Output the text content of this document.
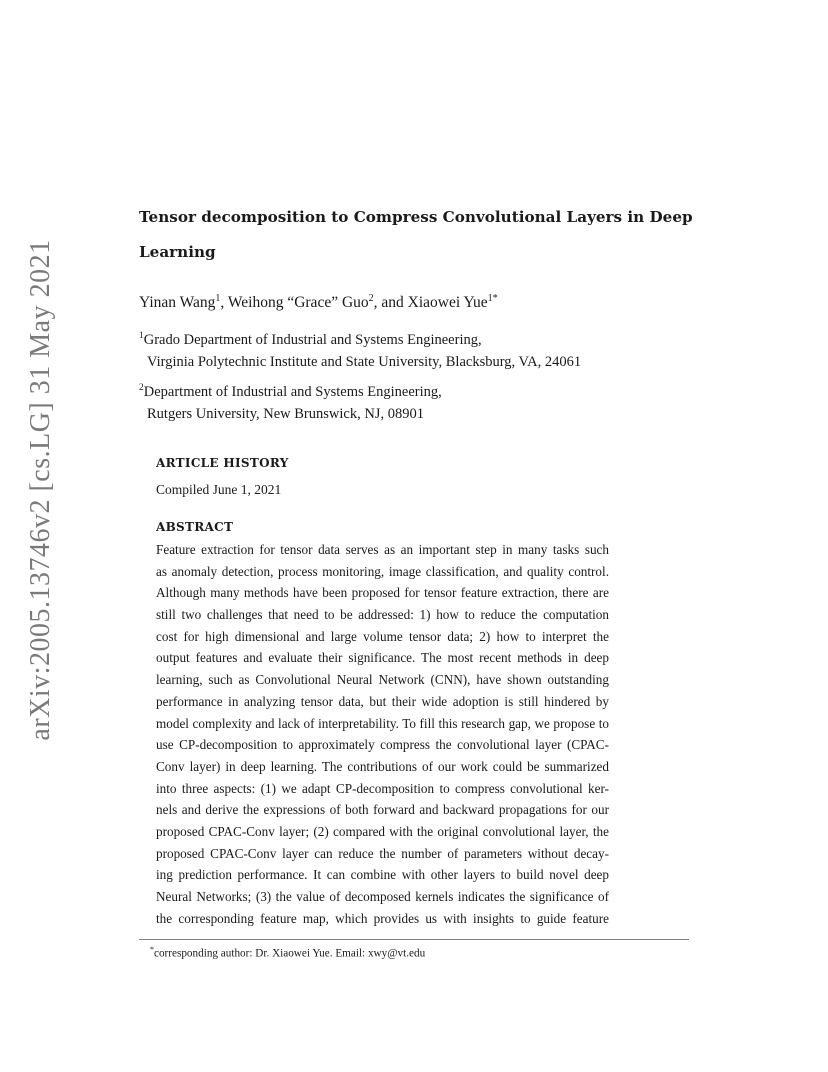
arXiv:2005.13746v2 [cs.LG] 31 May 2021
Tensor decomposition to Compress Convolutional Layers in Deep
Learning
Yinan Wang$^1$, Weihong “Grace” Guo$^2$, and Xiaowei Yue$^{1*}$
$^1$Grado Department of Industrial and Systems Engineering,
Virginia Polytechnic Institute and State University, Blacksburg, VA, 24061
$^2$Department of Industrial and Systems Engineering,
Rutgers University, New Brunswick, NJ, 08901
ARTICLE HISTORY
Compiled June 1, 2021
ABSTRACT

Feature extraction for tensor data serves as an important step in many tasks such
as anomaly detection, process monitoring, image classification, and quality control.
Although many methods have been proposed for tensor feature extraction, there are
still two challenges that need to be addressed: 1) how to reduce the computation
cost for high dimensional and large volume tensor data; 2) how to interpret the
output features and evaluate their significance. The most recent methods in deep
learning, such as Convolutional Neural Network (CNN), have shown outstanding
performance in analyzing tensor data, but their wide adoption is still hindered by
model complexity and lack of interpretability. To fill this research gap, we propose to
use CP-decomposition to approximately compress the convolutional layer (CPAC-
Conv layer) in deep learning. The contributions of our work could be summarized
into three aspects: (1) we adapt CP-decomposition to compress convolutional ker-
nels and derive the expressions of both forward and backward propagations for our
proposed CPAC-Conv layer; (2) compared with the original convolutional layer, the
proposed CPAC-Conv layer can reduce the number of parameters without decay-
ing prediction performance. It can combine with other layers to build novel deep
Neural Networks; (3) the value of decomposed kernels indicates the significance of
the corresponding feature map, which provides us with insights to guide feature

*corresponding author: Dr. Xiaowei Yue. Email: xwy@vt.edu
